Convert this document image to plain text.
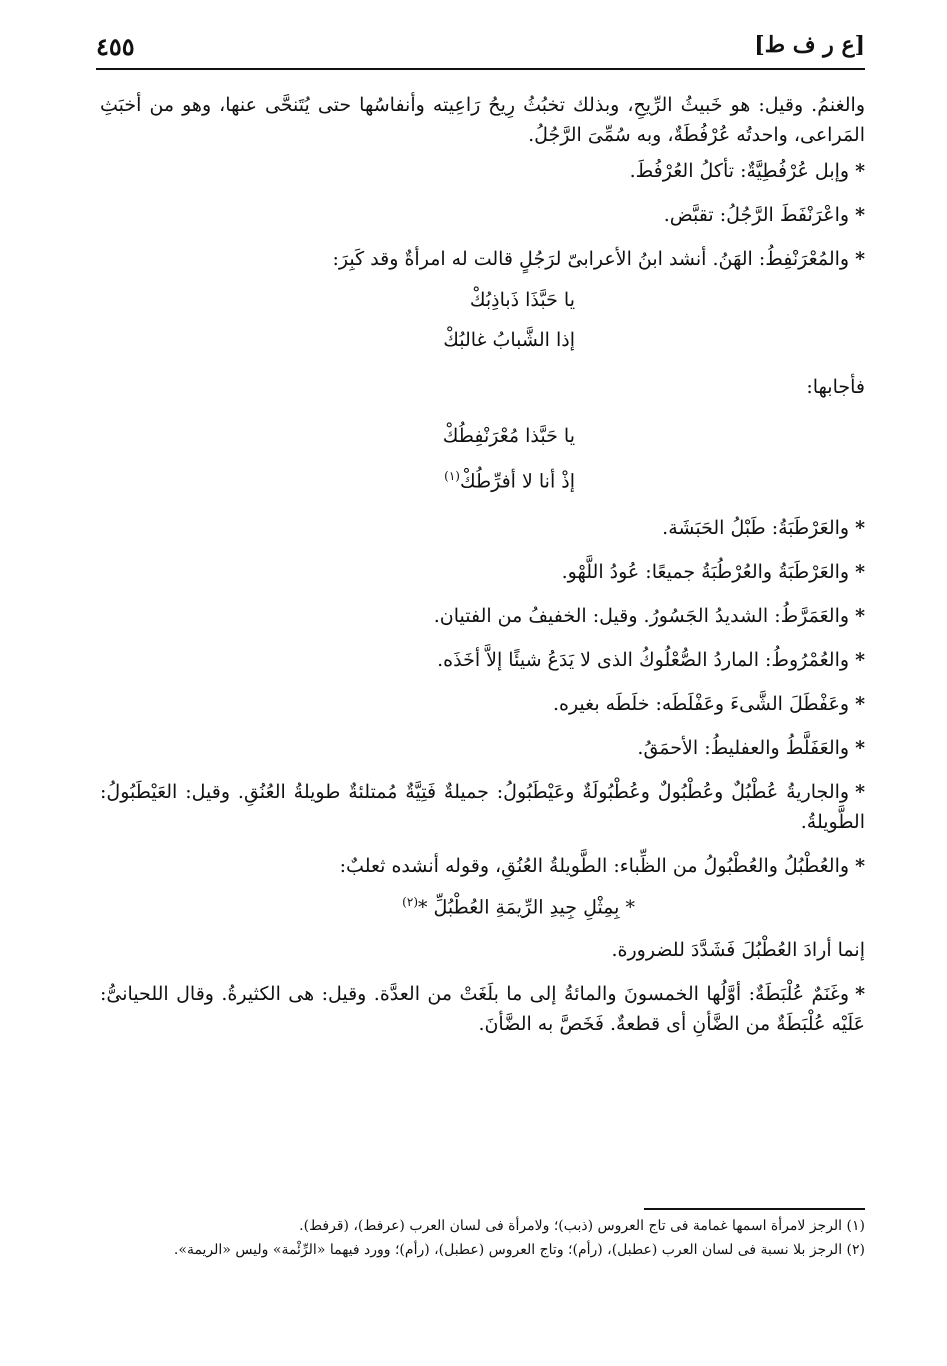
[ع ر ف ط]
٤٥٥

والغنمُ. وقيل: هو خَبيثُ الرِّيحِ، وبذلك تخبُثُ رِيحُ رَاعِيته وأنفاسُها حتى يُتَنحَّى عنها، وهو من أخبَثِ المَراعى، واحدتُه عُرْفُطَةٌ، وبه سُمِّىَ الرَّجُلُ.

*وإبل عُرْفُطِيَّةٌ: تأكلُ العُرْفُطَ.

*واعْرَنْفَطَ الرَّجُلُ: تقبَّض.

*والمُعْرَنْفِطُ: الهَنُ. أنشد ابنُ الأعرابىّ لرَجُلٍ قالت له امرأةٌ وقد كَبِرَ:

يا حَبَّذَا ذَباذِبُكْ
إذا الشَّبابُ غالبُكْ

فأجابها:

يا حَبَّذا مُعْرَنْفِطُكْ
إذْ أنا لا أفرِّطُكْ$^{(١)}$

*والعَرْطَبَةُ: طَبْلُ الحَبَشَة.

*والعَرْطَبَةُ والعُرْطُبَةُ جميعًا: عُودُ اللَّهْو.

*والعَمَرَّطُ: الشديدُ الجَسُورُ. وقيل: الخفيفُ من الفتيان.

*والعُمْرُوطُ: الماردُ الصُّعْلُوكُ الذى لا يَدَعُ شيئًا إلاَّ أخَذَه.

*وعَفْطَلَ الشَّىءَ وعَفْلَطَه: خلَطَه بغيره.

*والعَفَلَّطُ والعفليطُ: الأحمَقُ.

*والجاريةُ عُطْبُلٌ وعُطْبُولٌ وعُطْبُولَةٌ وعَيْطَبُولُ: جميلةٌ فَتِيَّةٌ مُمتلئةٌ طويلةُ العُنُقِ. وقيل: العَيْطَبُولُ: الطَّويلةُ.

*والعُطْبُلُ والعُطْبُولُ من الظِّباء: الطَّويلةُ العُنُقِ، وقوله أنشده ثعلبٌ:

* بِمِثْلِ جِيدِ الرِّيمَةِ العُطْبُلِّ *$^{(٢)}$

إنما أرادَ العُطْبُلَ فَشَدَّدَ للضرورة.

*وغَنَمٌ عُلْبَطَةٌ: أوَّلُها الخمسونَ والمائةُ إلى ما بلَغَتْ من العدَّة. وقيل: هى الكثيرةُ. وقال اللحيانىُّ: عَلَيْه عُلْبَطَةٌ من الضَّأنِ أى قطعةٌ. فَخَصَّ به الضَّأنَ.

(١) الرجز لامرأة اسمها غمامة فى تاج العروس (ذبب)؛ ولامرأة فى لسان العرب (عرفط)، (قرفط).

(٢) الرجز بلا نسبة فى لسان العرب (عطبل)، (رأم)؛ وتاج العروس (عطبل)، (رأم)؛ وورد فيهما «الرِّئْمة» وليس «الريمة».
